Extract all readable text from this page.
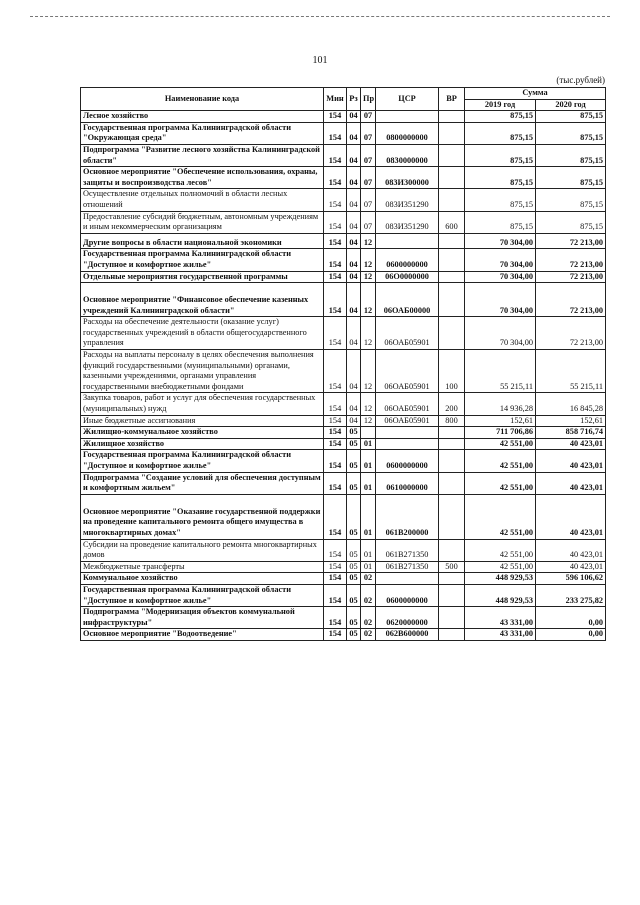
101
(тыс.рублей)
Наименование кода	Мин	Рз	Пр	ЦСР	ВР	Сумма	
						2019 год	2020 год
Лесное хозяйство	154	04	07			875,15	875,15
Государственная программа Калининградской области "Окружающая среда"	154	04	07	0800000000		875,15	875,15
Подпрограмма "Развитие лесного хозяйства Калининградской области"	154	04	07	0830000000		875,15	875,15
Основное мероприятие "Обеспечение использования, охраны, защиты и воспроизводства лесов"	154	04	07	083И300000		875,15	875,15
Осуществление отдельных полномочий в области лесных отношений	154	04	07	083И351290		875,15	875,15
Предоставление субсидий бюджетным, автономным учреждениям и иным некоммерческим организациям	154	04	07	083И351290	600	875,15	875,15
Другие вопросы в области национальной экономики	154	04	12			70 304,00	72 213,00
Государственная программа Калининградской области "Доступное и комфортное жилье"	154	04	12	0600000000		70 304,00	72 213,00
Отдельные мероприятия государственной программы	154	04	12	06О0000000		70 304,00	72 213,00
Основное мероприятие "Финансовое обеспечение казенных учреждений Калининградской области"	154	04	12	06ОАБ00000		70 304,00	72 213,00
Расходы на обеспечение деятельности (оказание услуг) государственных учреждений в области общегосударственного управления	154	04	12	06ОАБ05901		70 304,00	72 213,00
Расходы на выплаты персоналу в целях обеспечения выполнения функций государственными (муниципальными) органами, казенными учреждениями, органами управления государственными внебюджетными фондами	154	04	12	06ОАБ05901	100	55 215,11	55 215,11
Закупка товаров, работ и услуг для обеспечения государственных (муниципальных) нужд	154	04	12	06ОАБ05901	200	14 936,28	16 845,28
Иные бюджетные ассигнования	154	04	12	06ОАБ05901	800	152,61	152,61
Жилищно-коммунальное хозяйство	154	05				711 706,86	858 716,74
Жилищное хозяйство	154	05	01			42 551,00	40 423,01
Государственная программа Калининградской области "Доступное и комфортное жилье"	154	05	01	0600000000		42 551,00	40 423,01
Подпрограмма "Создание условий для обеспечения доступным и комфортным жильем"	154	05	01	0610000000		42 551,00	40 423,01
Основное мероприятие "Оказание государственной поддержки на проведение капитального ремонта общего имущества в многоквартирных домах"	154	05	01	061В200000		42 551,00	40 423,01
Субсидии на проведение капитального ремонта многоквартирных домов	154	05	01	061В271350		42 551,00	40 423,01
Межбюджетные трансферты	154	05	01	061В271350	500	42 551,00	40 423,01
Коммунальное хозяйство	154	05	02			448 929,53	596 106,62
Государственная программа Калининградской области "Доступное и комфортное жилье"	154	05	02	0600000000		448 929,53	233 275,82
Подпрограмма "Модернизация объектов коммунальной инфраструктуры"	154	05	02	0620000000		43 331,00	0,00
Основное мероприятие "Водоотведение"	154	05	02	062В600000		43 331,00	0,00
